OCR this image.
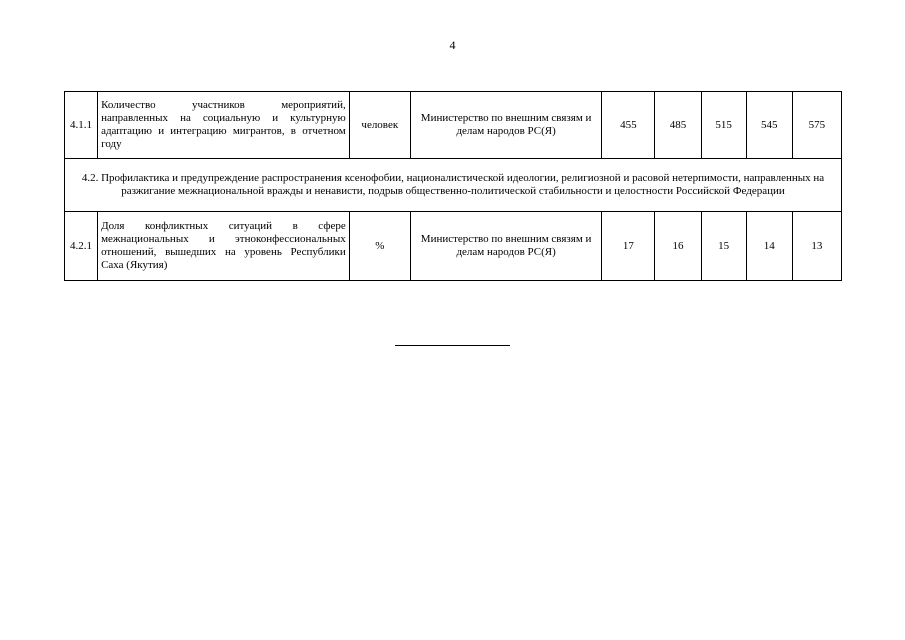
4
4.1.1	Количество участников мероприятий, направленных на социальную и культурную адаптацию и интеграцию мигрантов, в отчетном году	человек	Министерство по внешним связям и делам народов РС(Я)	455	485	515	545	575
4.2. Профилактика и предупреждение распространения ксенофобии, националистической идеологии, религиозной и расовой нетерпимости, направленных на разжигание межнациональной вражды и ненависти, подрыв общественно-политической стабильности и целостности Российской Федерации								
4.2.1	Доля конфликтных ситуаций в сфере межнациональных и этноконфессиональных отношений, вышедших на уровень Республики Саха (Якутия)	%	Министерство по внешним связям и делам народов РС(Я)	17	16	15	14	13
